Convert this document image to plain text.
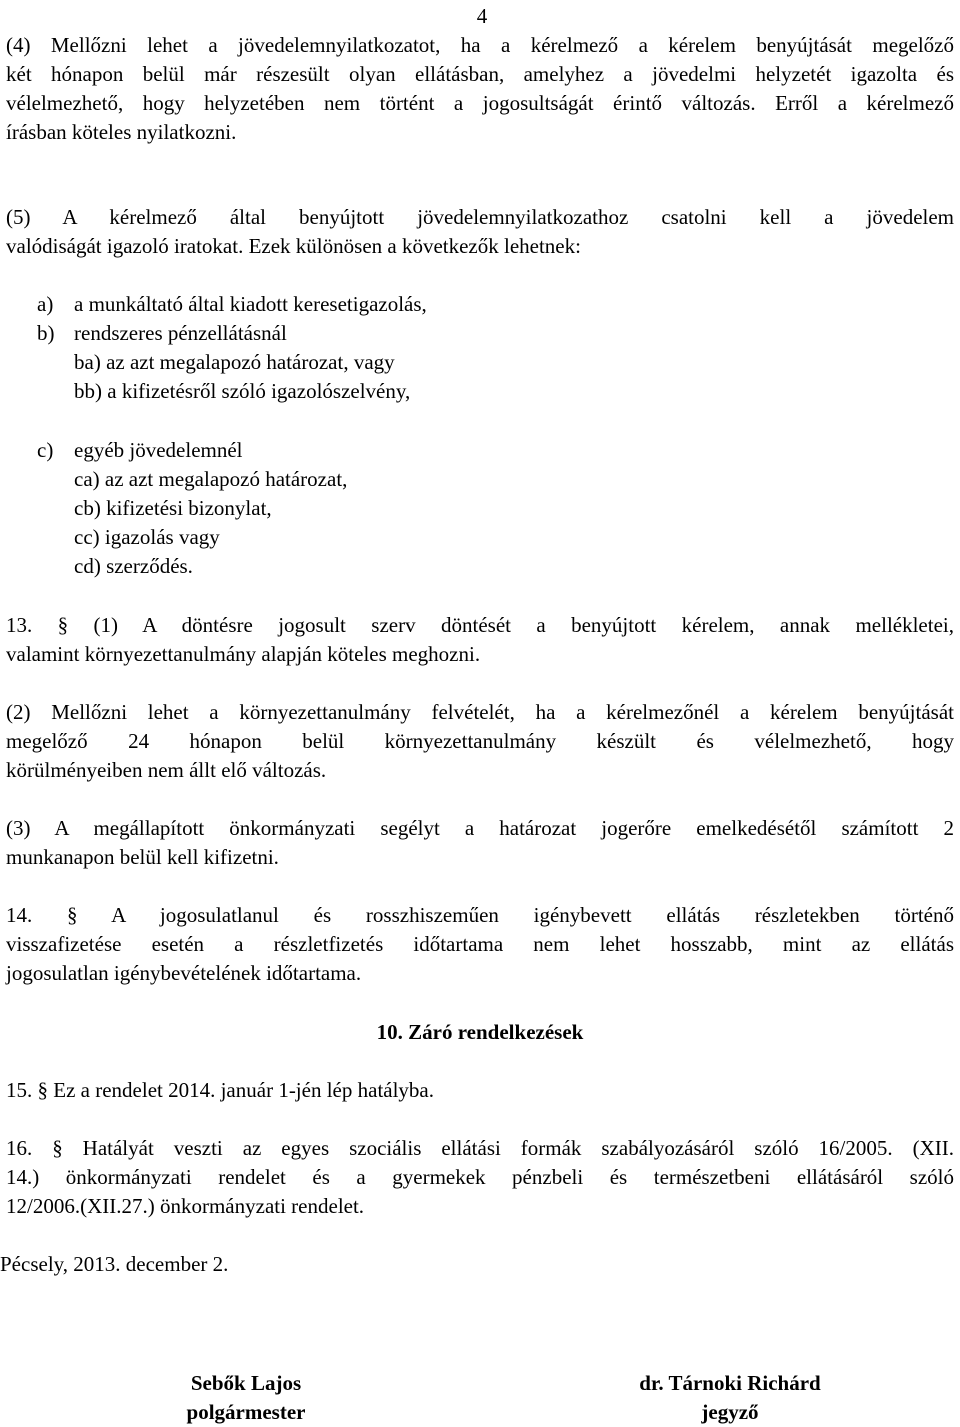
4

(4) Mellőzni lehet a jövedelemnyilatkozatot, ha a kérelmező a kérelem benyújtását megelőző

két hónapon belül már részesült olyan ellátásban, amelyhez a jövedelmi helyzetét igazolta és

vélelmezhető, hogy helyzetében nem történt a jogosultságát érintő változás. Erről a kérelmező

írásban köteles nyilatkozni.

(5) A kérelmező által benyújtott jövedelemnyilatkozathoz csatolni kell a jövedelem

valódiságát igazoló iratokat. Ezek különösen a következők lehetnek:

a) a munkáltató által kiadott keresetigazolás,
b) rendszeres pénzellátásnál
ba) az azt megalapozó határozat, vagy
bb) a kifizetésről szóló igazolószelvény,
c) egyéb jövedelemnél
ca) az azt megalapozó határozat,
cb) kifizetési bizonylat,
cc) igazolás vagy
cd) szerződés.

13. § (1) A döntésre jogosult szerv döntését a benyújtott kérelem, annak mellékletei,

valamint környezettanulmány alapján köteles meghozni.

(2) Mellőzni lehet a környezettanulmány felvételét, ha a kérelmezőnél a kérelem benyújtását

megelőző 24 hónapon belül környezettanulmány készült és vélelmezhető, hogy

körülményeiben nem állt elő változás.

(3) A megállapított önkormányzati segélyt a határozat jogerőre emelkedésétől számított 2

munkanapon belül kell kifizetni.

14. § A jogosulatlanul és rosszhiszeműen igénybevett ellátás részletekben történő

visszafizetése esetén a részletfizetés időtartama nem lehet hosszabb, mint az ellátás

jogosulatlan igénybevételének időtartama.

10. Záró rendelkezések
15. § Ez a rendelet 2014. január 1-jén lép hatályba.

16. § Hatályát veszti az egyes szociális ellátási formák szabályozásáról szóló 16/2005. (XII.

14.) önkormányzati rendelet és a gyermekek pénzbeli és természetbeni ellátásáról szóló

12/2006.(XII.27.) önkormányzati rendelet.

Pécsely, 2013. december 2.
Sebők Lajos
polgármester
dr. Tárnoki Richárd
jegyző
